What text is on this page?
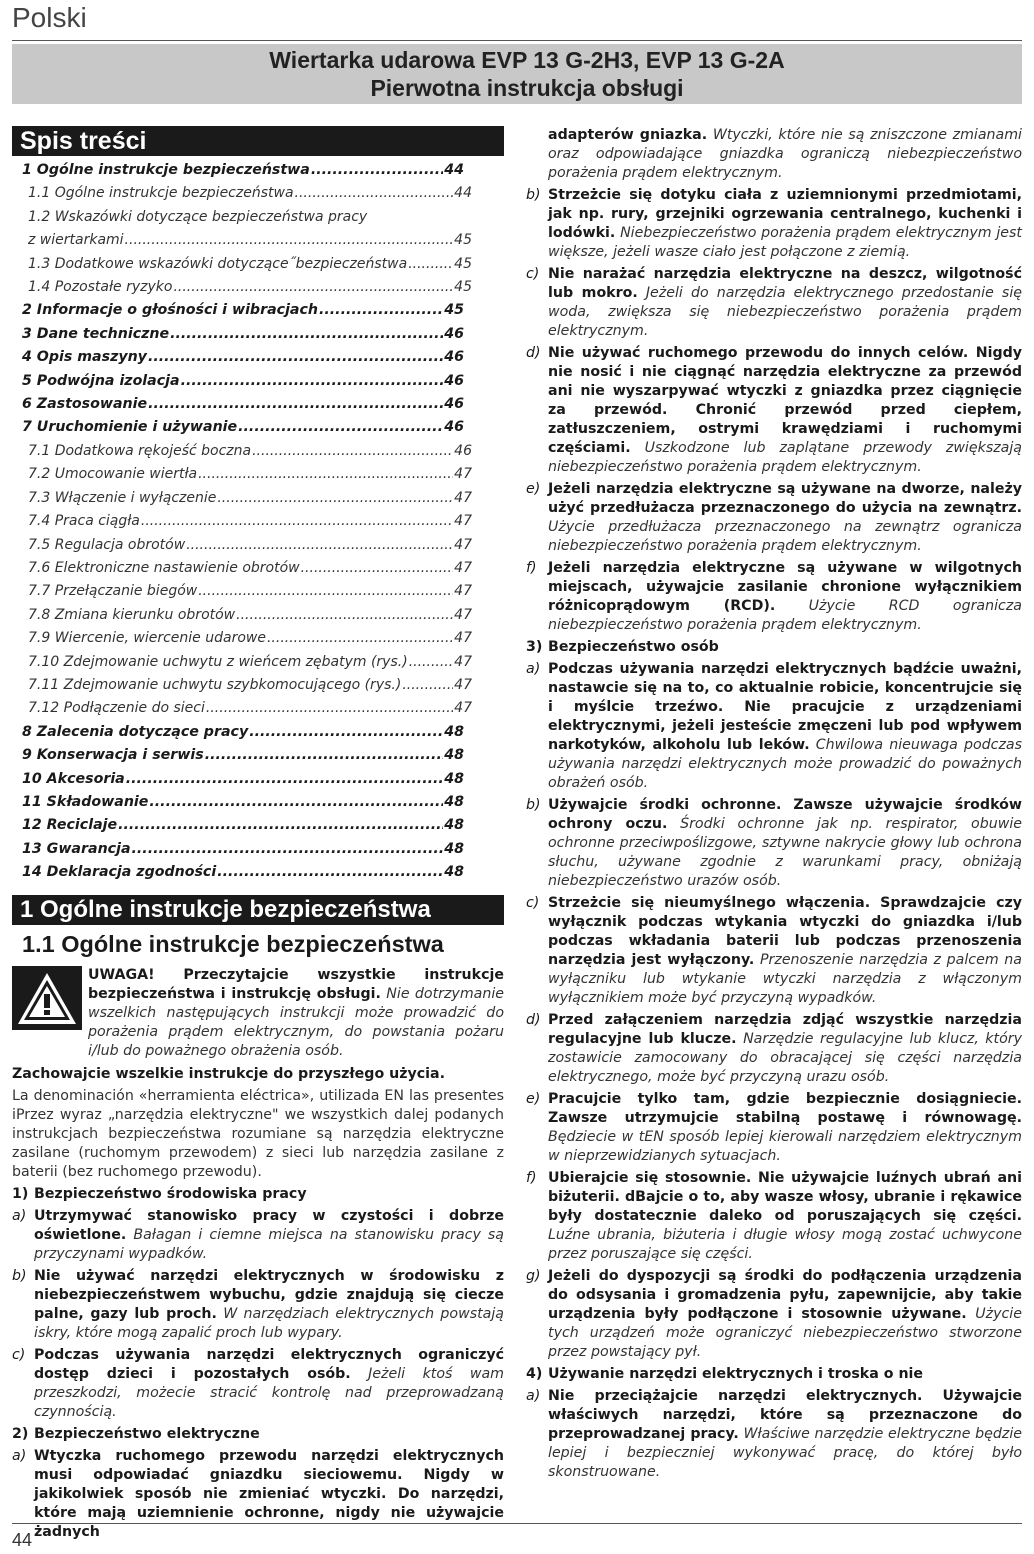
Polski
Wiertarka udarowa EVP 13 G-2H3, EVP 13 G-2A
Pierwotna instrukcja obsługi
Spis treści
1 Ogólne instrukcje bezpieczeństwa .....	44
1.1 Ogólne instrukcje bezpieczeństwa .....	44
1.2 Wskazówki dotyczące bezpieczeństwa pracy
z wiertarkami .....	45
1.3 Dodatkowe wskazówki dotyczące˝bezpieczeństwa .....	45
1.4 Pozostałe ryzyko .....	45
2 Informacje o głośności i wibracjach .....	45
3 Dane techniczne .....	46
4 Opis maszyny .....	46
5 Podwójna izolacja .....	46
6 Zastosowanie .....	46
7 Uruchomienie i używanie .....	46
7.1 Dodatkowa rękojeść boczna .....	46
7.2 Umocowanie wiertła .....	47
7.3 Włączenie i wyłączenie .....	47
7.4 Praca ciągła .....	47
7.5 Regulacja obrotów .....	47
7.6 Elektroniczne nastawienie obrotów .....	47
7.7 Przełączanie biegów .....	47
7.8 Zmiana kierunku obrotów .....	47
7.9 Wiercenie, wiercenie udarowe .....	47
7.10 Zdejmowanie uchwytu z wieńcem zębatym (rys.) .....	47
7.11 Zdejmowanie uchwytu szybkomocującego (rys.) .....	47
7.12 Podłączenie do sieci .....	47
8 Zalecenia dotyczące pracy .....	48
9 Konserwacja i serwis .....	48
10 Akcesoria .....	48
11 Składowanie .....	48
12 Reciclaje .....	48
13 Gwarancja .....	48
14 Deklaracja zgodności .....	48
1 Ogólne instrukcje bezpieczeństwa
1.1 Ogólne instrukcje bezpieczeństwa

UWAGA! Przeczytajcie wszystkie instrukcje bezpieczeństwa i instrukcję obsługi. Nie dotrzymanie wszelkich następujących instrukcji może prowadzić do porażenia prądem elektrycznym, do powstania pożaru i/lub do poważnego obrażenia osób.

Zachowajcie wszelkie instrukcje do przyszłego użycia.

La denominación «herramienta eléctrica», utilizada EN las presentes iPrzez wyraz „narzędzia elektryczne" we wszystkich dalej podanych instrukcjach bezpieczeństwa rozumiane są narzędzia elektryczne zasilane (ruchomym przewodem) z sieci lub narzędzia zasilane z baterii (bez ruchomego przewodu).

1) Bezpieczeństwo środowiska pracy
a) Utrzymywać stanowisko pracy w czystości i dobrze oświetlone. Bałagan i ciemne miejsca na stanowisku pracy są przyczynami wypadków.
b) Nie używać narzędzi elektrycznych w środowisku z niebezpieczeństwem wybuchu, gdzie znajdują się ciecze palne, gazy lub proch. W narzędziach elektrycznych powstają iskry, które mogą zapalić proch lub wypary.
c) Podczas używania narzędzi elektrycznych ograniczyć dostęp dzieci i pozostałych osób. Jeżeli ktoś wam przeszkodzi, możecie stracić kontrolę nad przeprowadzaną czynnością.
2) Bezpieczeństwo elektryczne
a) Wtyczka ruchomego przewodu narzędzi elektrycznych musi odpowiadać gniazdku sieciowemu. Nigdy w jakikolwiek sposób nie zmieniać wtyczki. Do narzędzi, które mają uziemnienie ochronne, nigdy nie używajcie żadnych
adapterów gniazka. Wtyczki, które nie są zniszczone zmianami oraz odpowiadające gniazdka ograniczą niebezpieczeństwo porażenia prądem elektrycznym.
b) Strzeżcie się dotyku ciała z uziemnionymi przedmiotami, jak np. rury, grzejniki ogrzewania centralnego, kuchenki i lodówki. Niebezpieczeństwo porażenia prądem elektrycznym jest większe, jeżeli wasze ciało jest połączone z ziemią.
c) Nie narażać narzędzia elektryczne na deszcz, wilgotność lub mokro. Jeżeli do narzędzia elektrycznego przedostanie się woda, zwiększa się niebezpieczeństwo porażenia prądem elektrycznym.
d) Nie używać ruchomego przewodu do innych celów. Nigdy nie nosić i nie ciągnąć narzędzia elektryczne za przewód ani nie wyszarpywać wtyczki z gniazdka przez ciągnięcie za przewód. Chronić przewód przed ciepłem, zatłuszczeniem, ostrymi krawędziami i ruchomymi częściami. Uszkodzone lub zaplątane przewody zwiększają niebezpieczeństwo porażenia prądem elektrycznym.
e) Jeżeli narzędzia elektryczne są używane na dworze, należy użyć przedłużacza przeznaczonego do użycia na zewnątrz. Użycie przedłużacza przeznaczonego na zewnątrz ogranicza niebezpieczeństwo porażenia prądem elektrycznym.
f) Jeżeli narzędzia elektryczne są używane w wilgotnych miejscach, używajcie zasilanie chronione wyłącznikiem różnicoprądowym (RCD). Użycie RCD ogranicza niebezpieczeństwo porażenia prądem elektrycznym.
3) Bezpieczeństwo osób
a) Podczas używania narzędzi elektrycznych bądźcie uważni, nastawcie się na to, co aktualnie robicie, koncentrujcie się i myślcie trzeźwo. Nie pracujcie z urządzeniami elektrycznymi, jeżeli jesteście zmęczeni lub pod wpływem narkotyków, alkoholu lub leków. Chwilowa nieuwaga podczas używania narzędzi elektrycznych może prowadzić do poważnych obrażeń osób.
b) Używajcie środki ochronne. Zawsze używajcie środków ochrony oczu. Środki ochronne jak np. respirator, obuwie ochronne przeciwpoślizgowe, sztywne nakrycie głowy lub ochrona słuchu, używane zgodnie z warunkami pracy, obniżają niebezpieczeństwo urazów osób.
c) Strzeżcie się nieumyślnego włączenia. Sprawdzajcie czy wyłącznik podczas wtykania wtyczki do gniazdka i/lub podczas wkładania baterii lub podczas przenoszenia narzędzia jest wyłączony. Przenoszenie narzędzia z palcem na wyłączniku lub wtykanie wtyczki narzędzia z włączonym wyłącznikiem może być przyczyną wypadków.
d) Przed załączeniem narzędzia zdjąć wszystkie narzędzia regulacyjne lub klucze. Narzędzie regulacyjne lub klucz, który zostawicie zamocowany do obracającej się części narzędzia elektrycznego, może być przyczyną urazu osób.
e) Pracujcie tylko tam, gdzie bezpiecznie dosiągniecie. Zawsze utrzymujcie stabilną postawę i równowagę. Będziecie w tEN sposób lepiej kierowali narzędziem elektrycznym w nieprzewidzianych sytuacjach.
f) Ubierajcie się stosownie. Nie używajcie luźnych ubrań ani biżuterii. dBajcie o to, aby wasze włosy, ubranie i rękawice były dostatecznie daleko od poruszających się części. Luźne ubrania, biżuteria i długie włosy mogą zostać uchwycone przez poruszające się części.
g) Jeżeli do dyspozycji są środki do podłączenia urządzenia do odsysania i gromadzenia pyłu, zapewnijcie, aby takie urządzenia były podłączone i stosownie używane. Użycie tych urządzeń może ograniczyć niebezpieczeństwo stworzone przez powstający pył.
4) Używanie narzędzi elektrycznych i troska o nie
a) Nie przeciążajcie narzędzi elektrycznych. Używajcie właściwych narzędzi, które są przeznaczone do przeprowadzanej pracy. Właściwe narzędzie elektryczne będzie lepiej i bezpieczniej wykonywać pracę, do której było skonstruowane.
44
